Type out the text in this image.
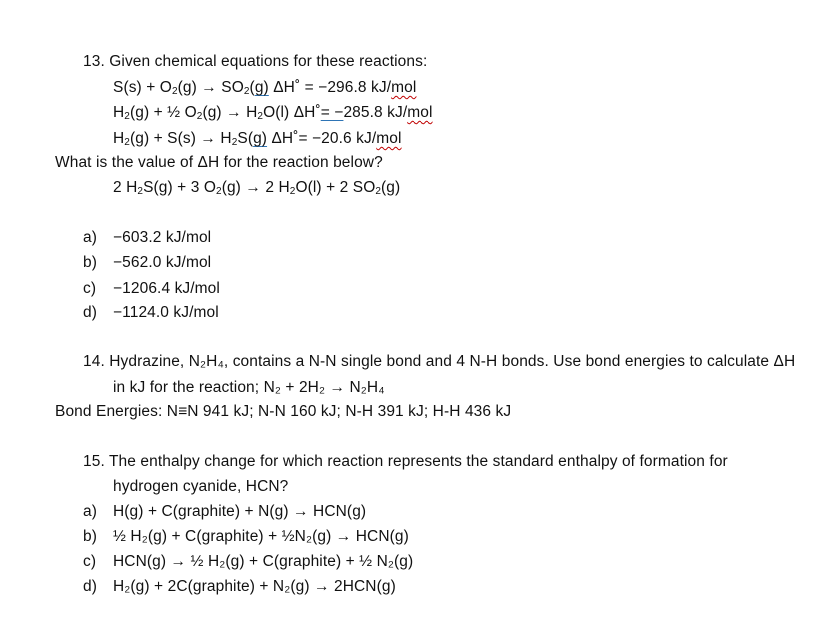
13. Given chemical equations for these reactions:
$S(s) + O_2(g) \to SO_2(g)$ ΔH˚ = −296.8 kJ/mol
$H_2(g)$ + ½ $O_2(g) \to H_2O(l)$ ΔH˚= −285.8 kJ/mol
$H_2(g) + S(s) \to H_2S(g)$ ΔH˚= −20.6 kJ/mol
What is the value of ΔH for the reaction below?
2 $H_2S(g) + 3$ $O_2(g) \to 2$ $H_2O(l) + 2$ $SO_2(g)$
a) −603.2 kJ/mol
b) −562.0 kJ/mol
c) −1206.4 kJ/mol
d) −1124.0 kJ/mol
14. Hydrazine, N₂H₄, contains a N-N single bond and 4 N-H bonds. Use bond energies to calculate ΔH
in kJ for the reaction; N₂ + 2H₂ → N₂H₄
Bond Energies: N≡N 941 kJ; N-N 160 kJ; N-H 391 kJ; H-H 436 kJ
15. The enthalpy change for which reaction represents the standard enthalpy of formation for
hydrogen cyanide, HCN?
a) H(g) + C(graphite) + N(g) → HCN(g)
b) ½ H₂(g) + C(graphite) + ½N₂(g) → HCN(g)
c) HCN(g) → ½ H₂(g) + C(graphite) + ½ N₂(g)
d) H₂(g) + 2C(graphite) + N₂(g) → 2HCN(g)
